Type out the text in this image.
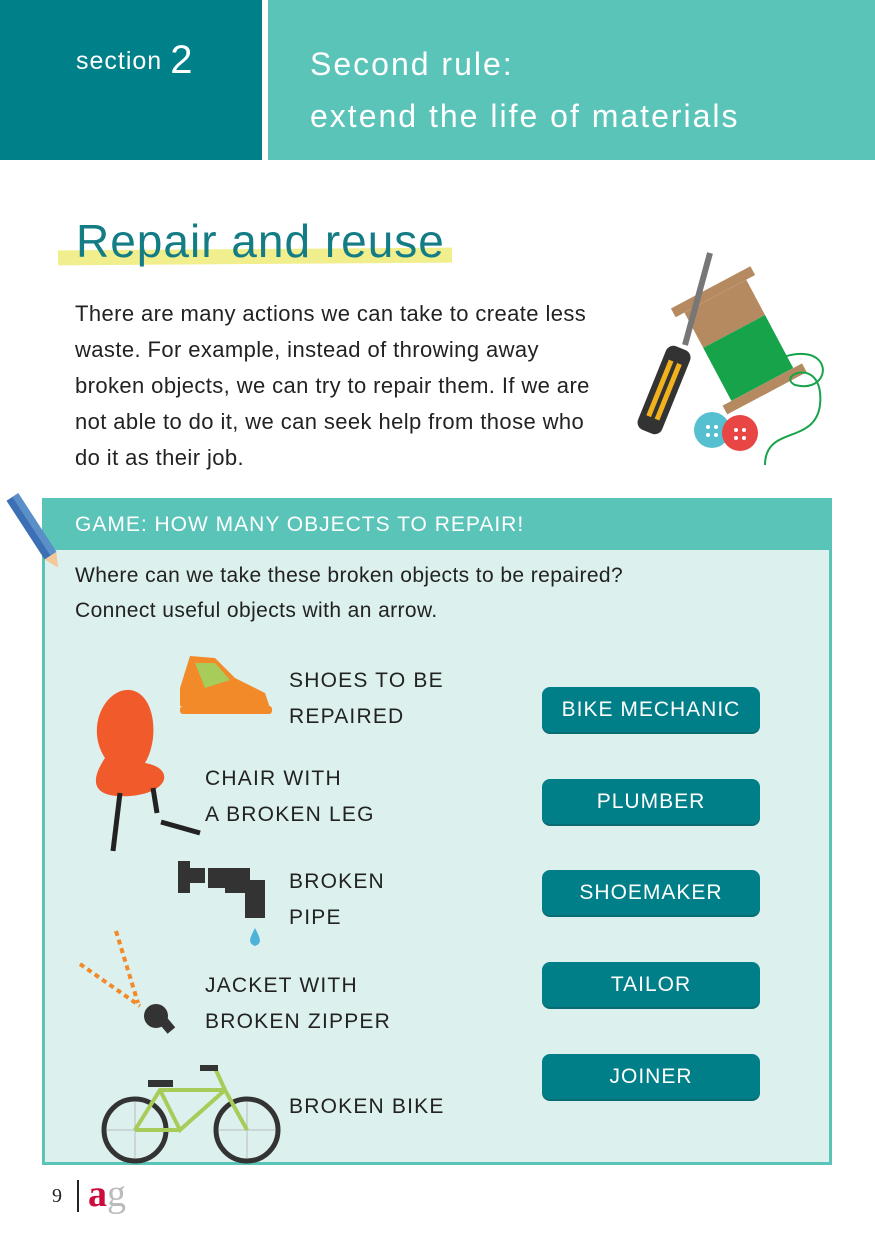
section 2	Second rule:
extend the life of materials
Repair and reuse
There are many actions we can take to create less waste. For example, instead of throwing away broken objects, we can try to repair them. If we are not able to do it, we can seek help from those who do it as their job.
GAME: HOW MANY OBJECTS TO REPAIR!
Where can we take these broken objects to be repaired?
Connect useful objects with an arrow.
SHOES TO BE
REPAIRED
CHAIR WITH
A BROKEN LEG
BROKEN
PIPE
JACKET WITH
BROKEN ZIPPER
BROKEN BIKE
BIKE MECHANIC
PLUMBER
SHOEMAKER
TAILOR
JOINER
9 ag
